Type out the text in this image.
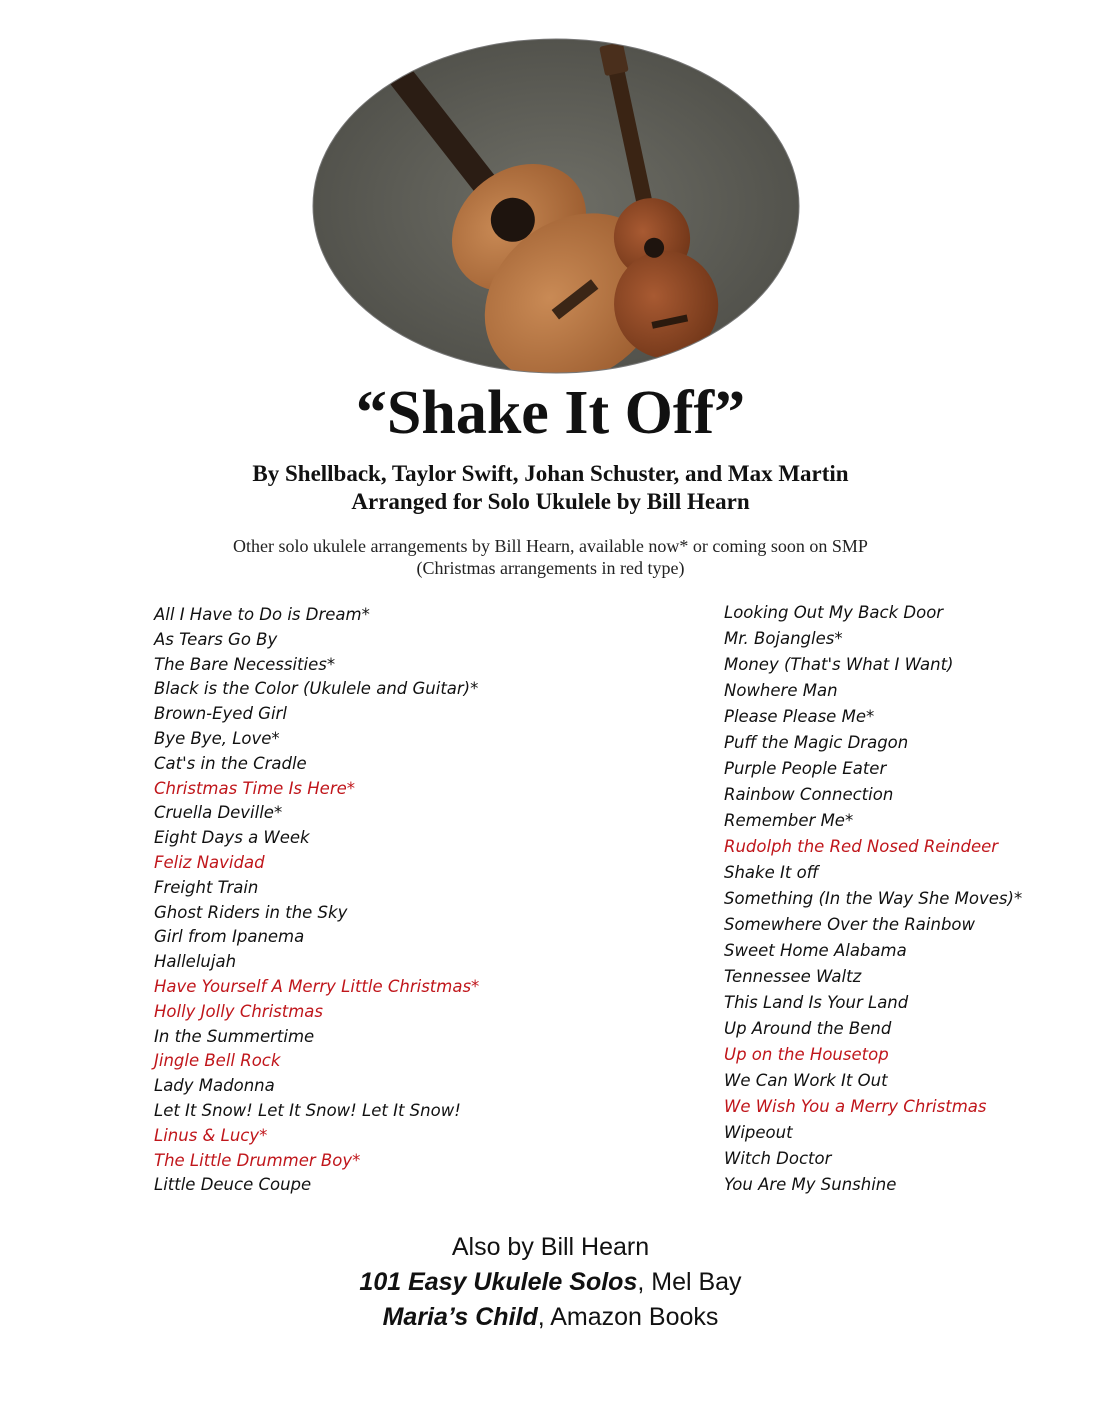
“Shake It Off”
By Shellback, Taylor Swift, Johan Schuster, and Max Martin
Arranged for Solo Ukulele by Bill Hearn
Other solo ukulele arrangements by Bill Hearn, available now* or coming soon on SMP
(Christmas arrangements in red type)
All I Have to Do is Dream*
As Tears Go By
The Bare Necessities*
Black is the Color (Ukulele and Guitar)*
Brown-Eyed Girl
Bye Bye, Love*
Cat's in the Cradle
Christmas Time Is Here*
Cruella Deville*
Eight Days a Week
Feliz Navidad
Freight Train
Ghost Riders in the Sky
Girl from Ipanema
Hallelujah
Have Yourself A Merry Little Christmas*
Holly Jolly Christmas
In the Summertime
Jingle Bell Rock
Lady Madonna
Let It Snow! Let It Snow! Let It Snow!
Linus & Lucy*
The Little Drummer Boy*
Little Deuce Coupe
Looking Out My Back Door
Mr. Bojangles*
Money (That's What I Want)
Nowhere Man
Please Please Me*
Puff the Magic Dragon
Purple People Eater
Rainbow Connection
Remember Me*
Rudolph the Red Nosed Reindeer
Shake It off
Something (In the Way She Moves)*
Somewhere Over the Rainbow
Sweet Home Alabama
Tennessee Waltz
This Land Is Your Land
Up Around the Bend
Up on the Housetop
We Can Work It Out
We Wish You a Merry Christmas
Wipeout
Witch Doctor
You Are My Sunshine
Also by Bill Hearn
101 Easy Ukulele Solos, Mel Bay
Maria’s Child, Amazon Books
